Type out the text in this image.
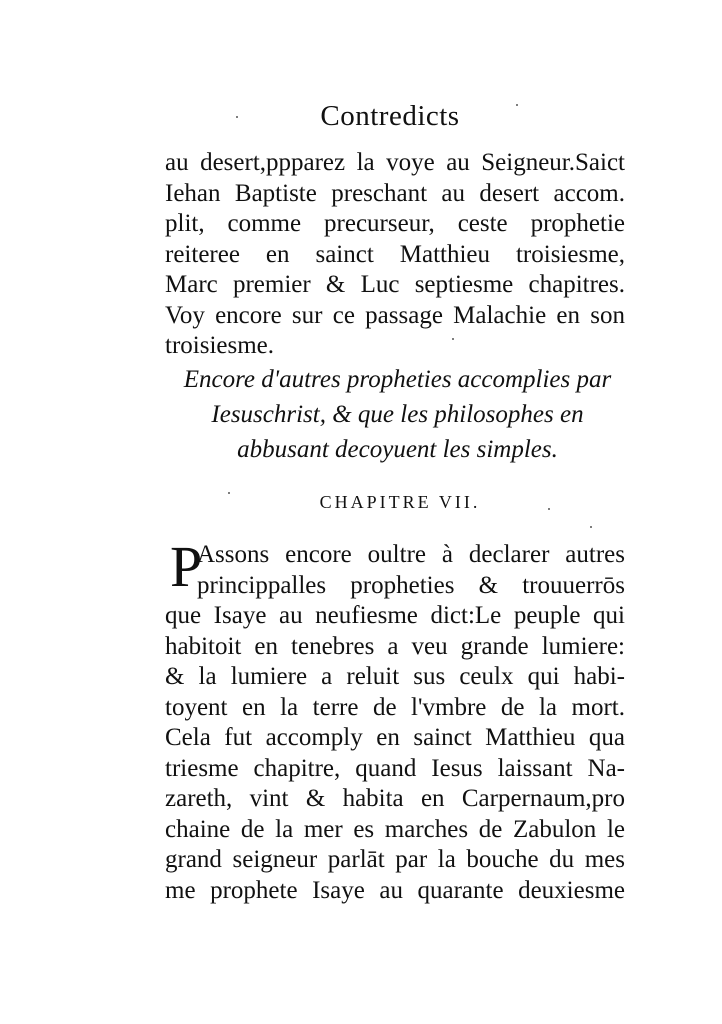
Contredicts
au desert,ppparez la voye au Seigneur.Saict
Iehan Baptiste preschant au desert accom.
plit, comme precurseur, ceste prophetie
reiteree en sainct Matthieu troisiesme,
Marc premier & Luc septiesme chapitres.
Voy encore sur ce passage Malachie en son
troisiesme.
Encore d'autres propheties accomplies par
Iesuschrist, & que les philosophes en
abbusant decoyuent les simples.
CHAPITRE VII.
P
Assons encore oultre à declarer autres
princippalles propheties & trouuerrōs
que Isaye au neufiesme dict:Le peuple qui
habitoit en tenebres a veu grande lumiere:
& la lumiere a reluit sus ceulx qui habi-
toyent en la terre de l'vmbre de la mort.
Cela fut accomply en sainct Matthieu qua
triesme chapitre, quand Iesus laissant Na-
zareth, vint & habita en Carpernaum,pro
chaine de la mer es marches de Zabulon le
grand seigneur parlāt par la bouche du mes
me prophete Isaye au quarante deuxiesme
